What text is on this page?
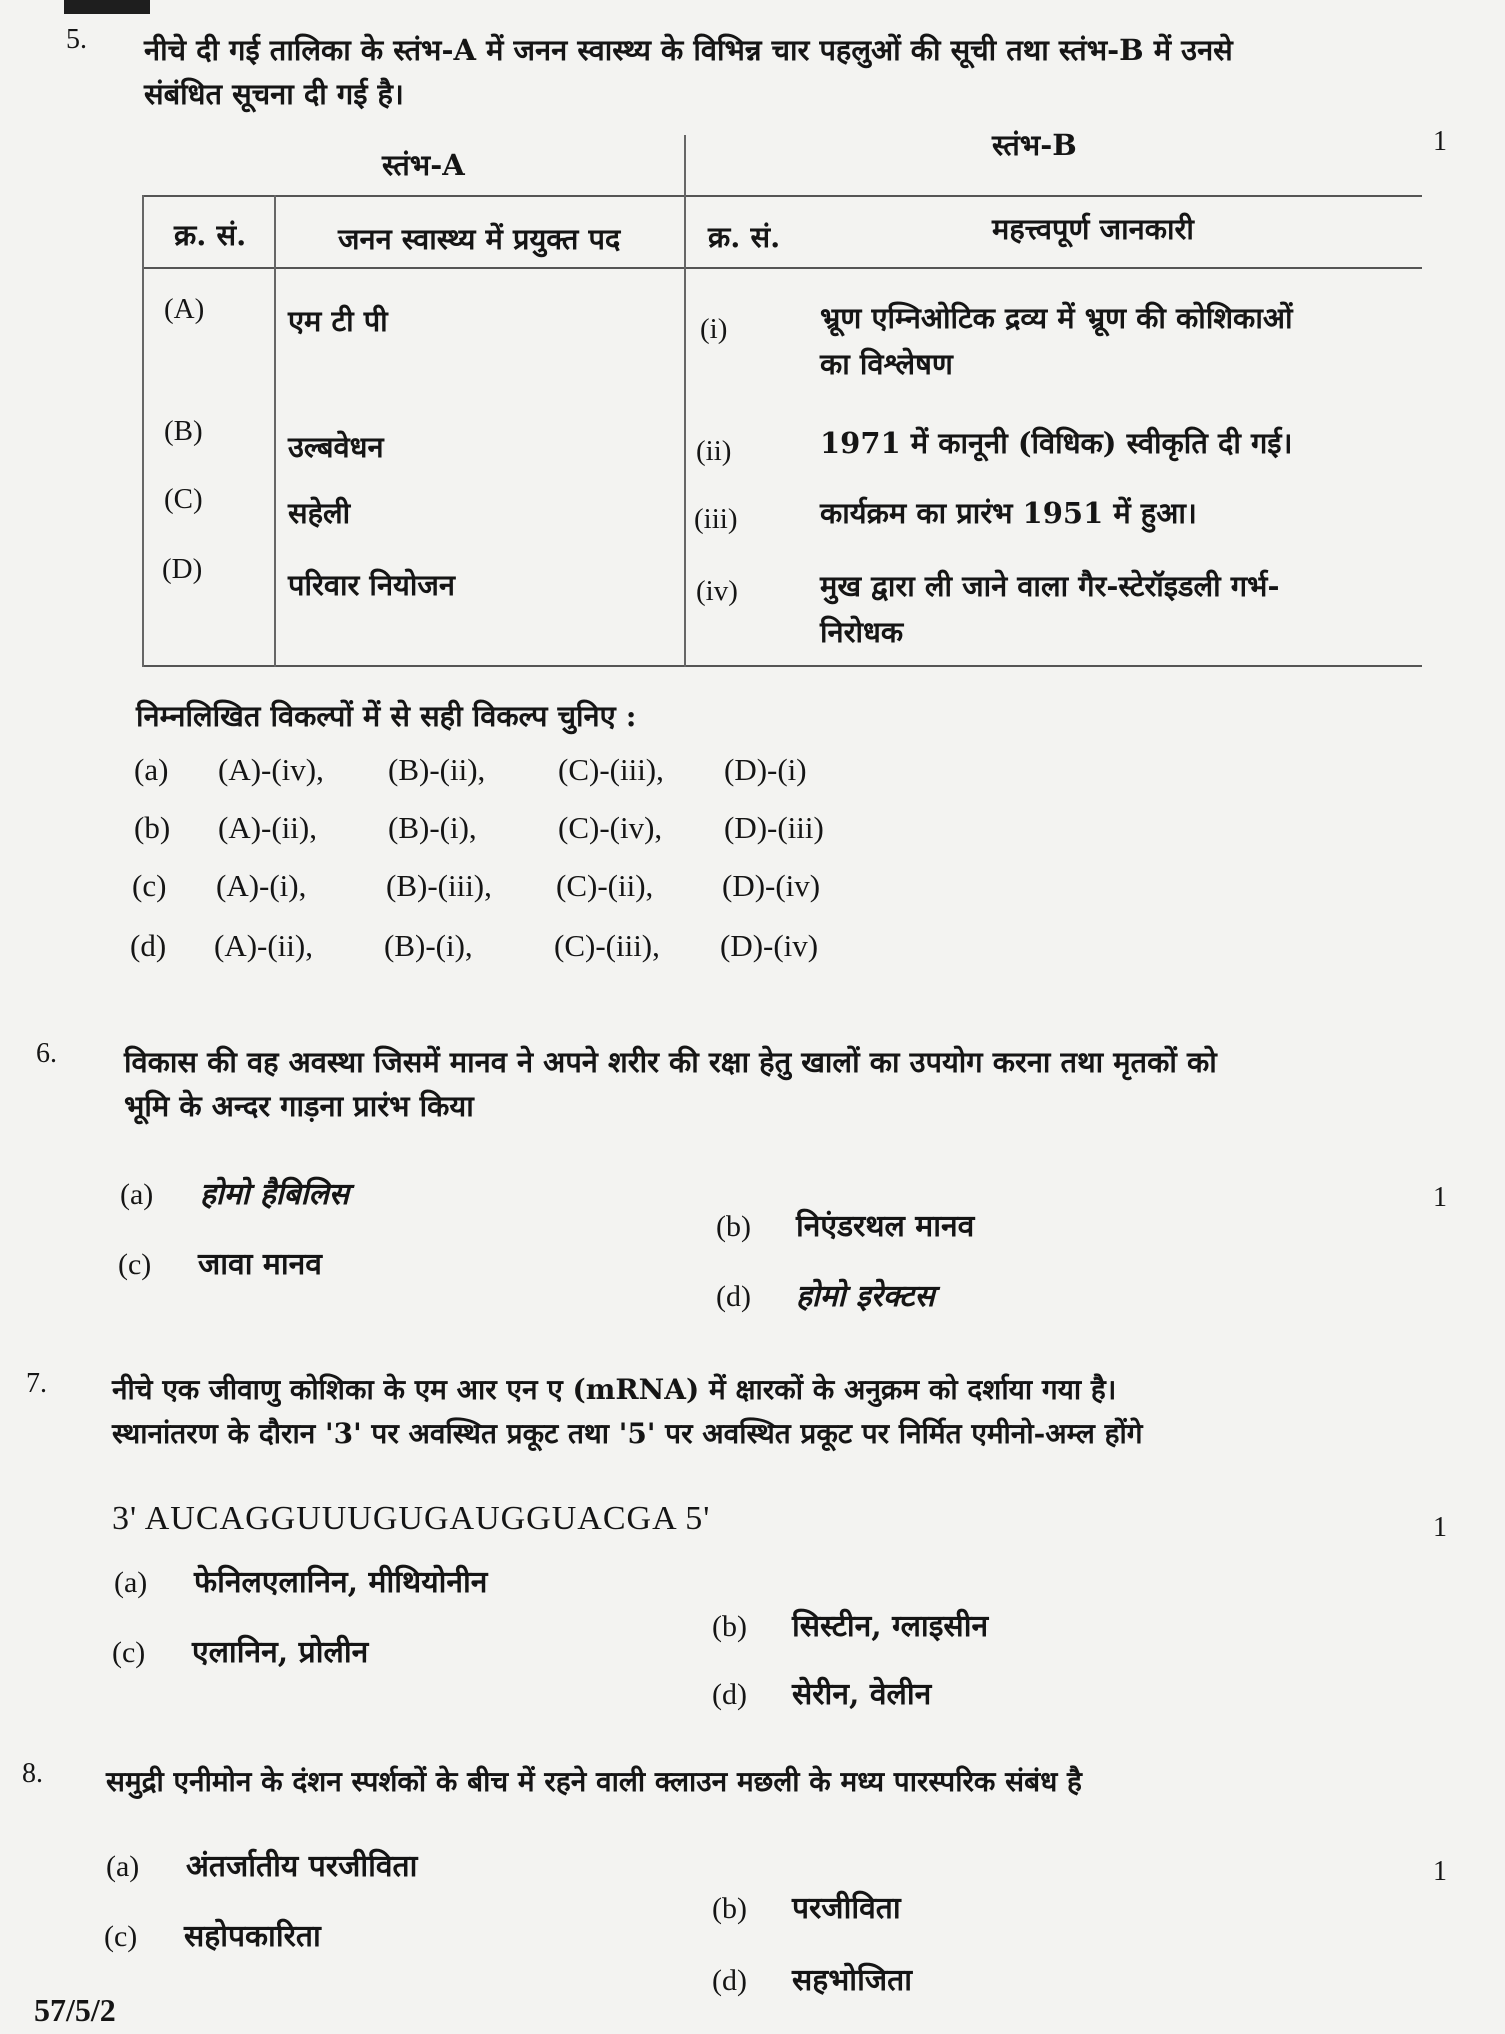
5. नीचे दी गई तालिका के स्तंभ-A में जनन स्वास्थ्य के विभिन्न चार पहलुओं की सूची तथा स्तंभ-B में उनसे
संबंधित सूचना दी गई है।
1
स्तंभ-A
स्तंभ-B
क्र. सं.	जनन स्वास्थ्य में प्रयुक्त पद	क्र. सं.	महत्त्वपूर्ण जानकारी
(A)	एम टी पी	(i)	भ्रूण एम्निओटिक द्रव्य में भ्रूण की कोशिकाओं
का विश्लेषण
(B)	उल्बवेधन	(ii)	1971 में कानूनी (विधिक) स्वीकृति दी गई।
(C)	सहेली	(iii)	कार्यक्रम का प्रारंभ 1951 में हुआ।
(D)	परिवार नियोजन	(iv)	मुख द्वारा ली जाने वाला गैर-स्टेरॉइडली गर्भ-
निरोधक
निम्नलिखित विकल्पों में से सही विकल्प चुनिए :
(a) (A)-(iv), (B)-(ii), (C)-(iii), (D)-(i)
(b) (A)-(ii), (B)-(i),	(C)-(iv), (D)-(iii)
(c) (A)-(i),	(B)-(iii), (C)-(ii), (D)-(iv)
(d) (A)-(ii), (B)-(i),	(C)-(iii), (D)-(iv)
6. विकास की वह अवस्था जिसमें मानव ने अपने शरीर की रक्षा हेतु खालों का उपयोग करना तथा मृतकों को
भूमि के अन्दर गाड़ना प्रारंभ किया
1
(a) होमो हैबिलिस
(b) निएंडरथल मानव
(c) जावा मानव
(d) होमो इरेक्टस
7. नीचे एक जीवाणु कोशिका के एम आर एन ए (mRNA) में क्षारकों के अनुक्रम को दर्शाया गया है।
स्थानांतरण के दौरान '3' पर अवस्थित प्रकूट तथा '5' पर अवस्थित प्रकूट पर निर्मित एमीनो-अम्ल होंगे
3' AUCAGGUUUGUGAUGGUACGA 5'	1
(a) फेनिलएलानिन, मीथियोनीन
(b) सिस्टीन, ग्लाइसीन
(c) एलानिन, प्रोलीन
(d) सेरीन, वेलीन
8. समुद्री एनीमोन के दंशन स्पर्शकों के बीच में रहने वाली क्लाउन मछली के मध्य पारस्परिक संबंध है
1
(a) अंतर्जातीय परजीविता
(b) परजीविता
(c) सहोपकारिता
(d) सहभोजिता
57/5/2
